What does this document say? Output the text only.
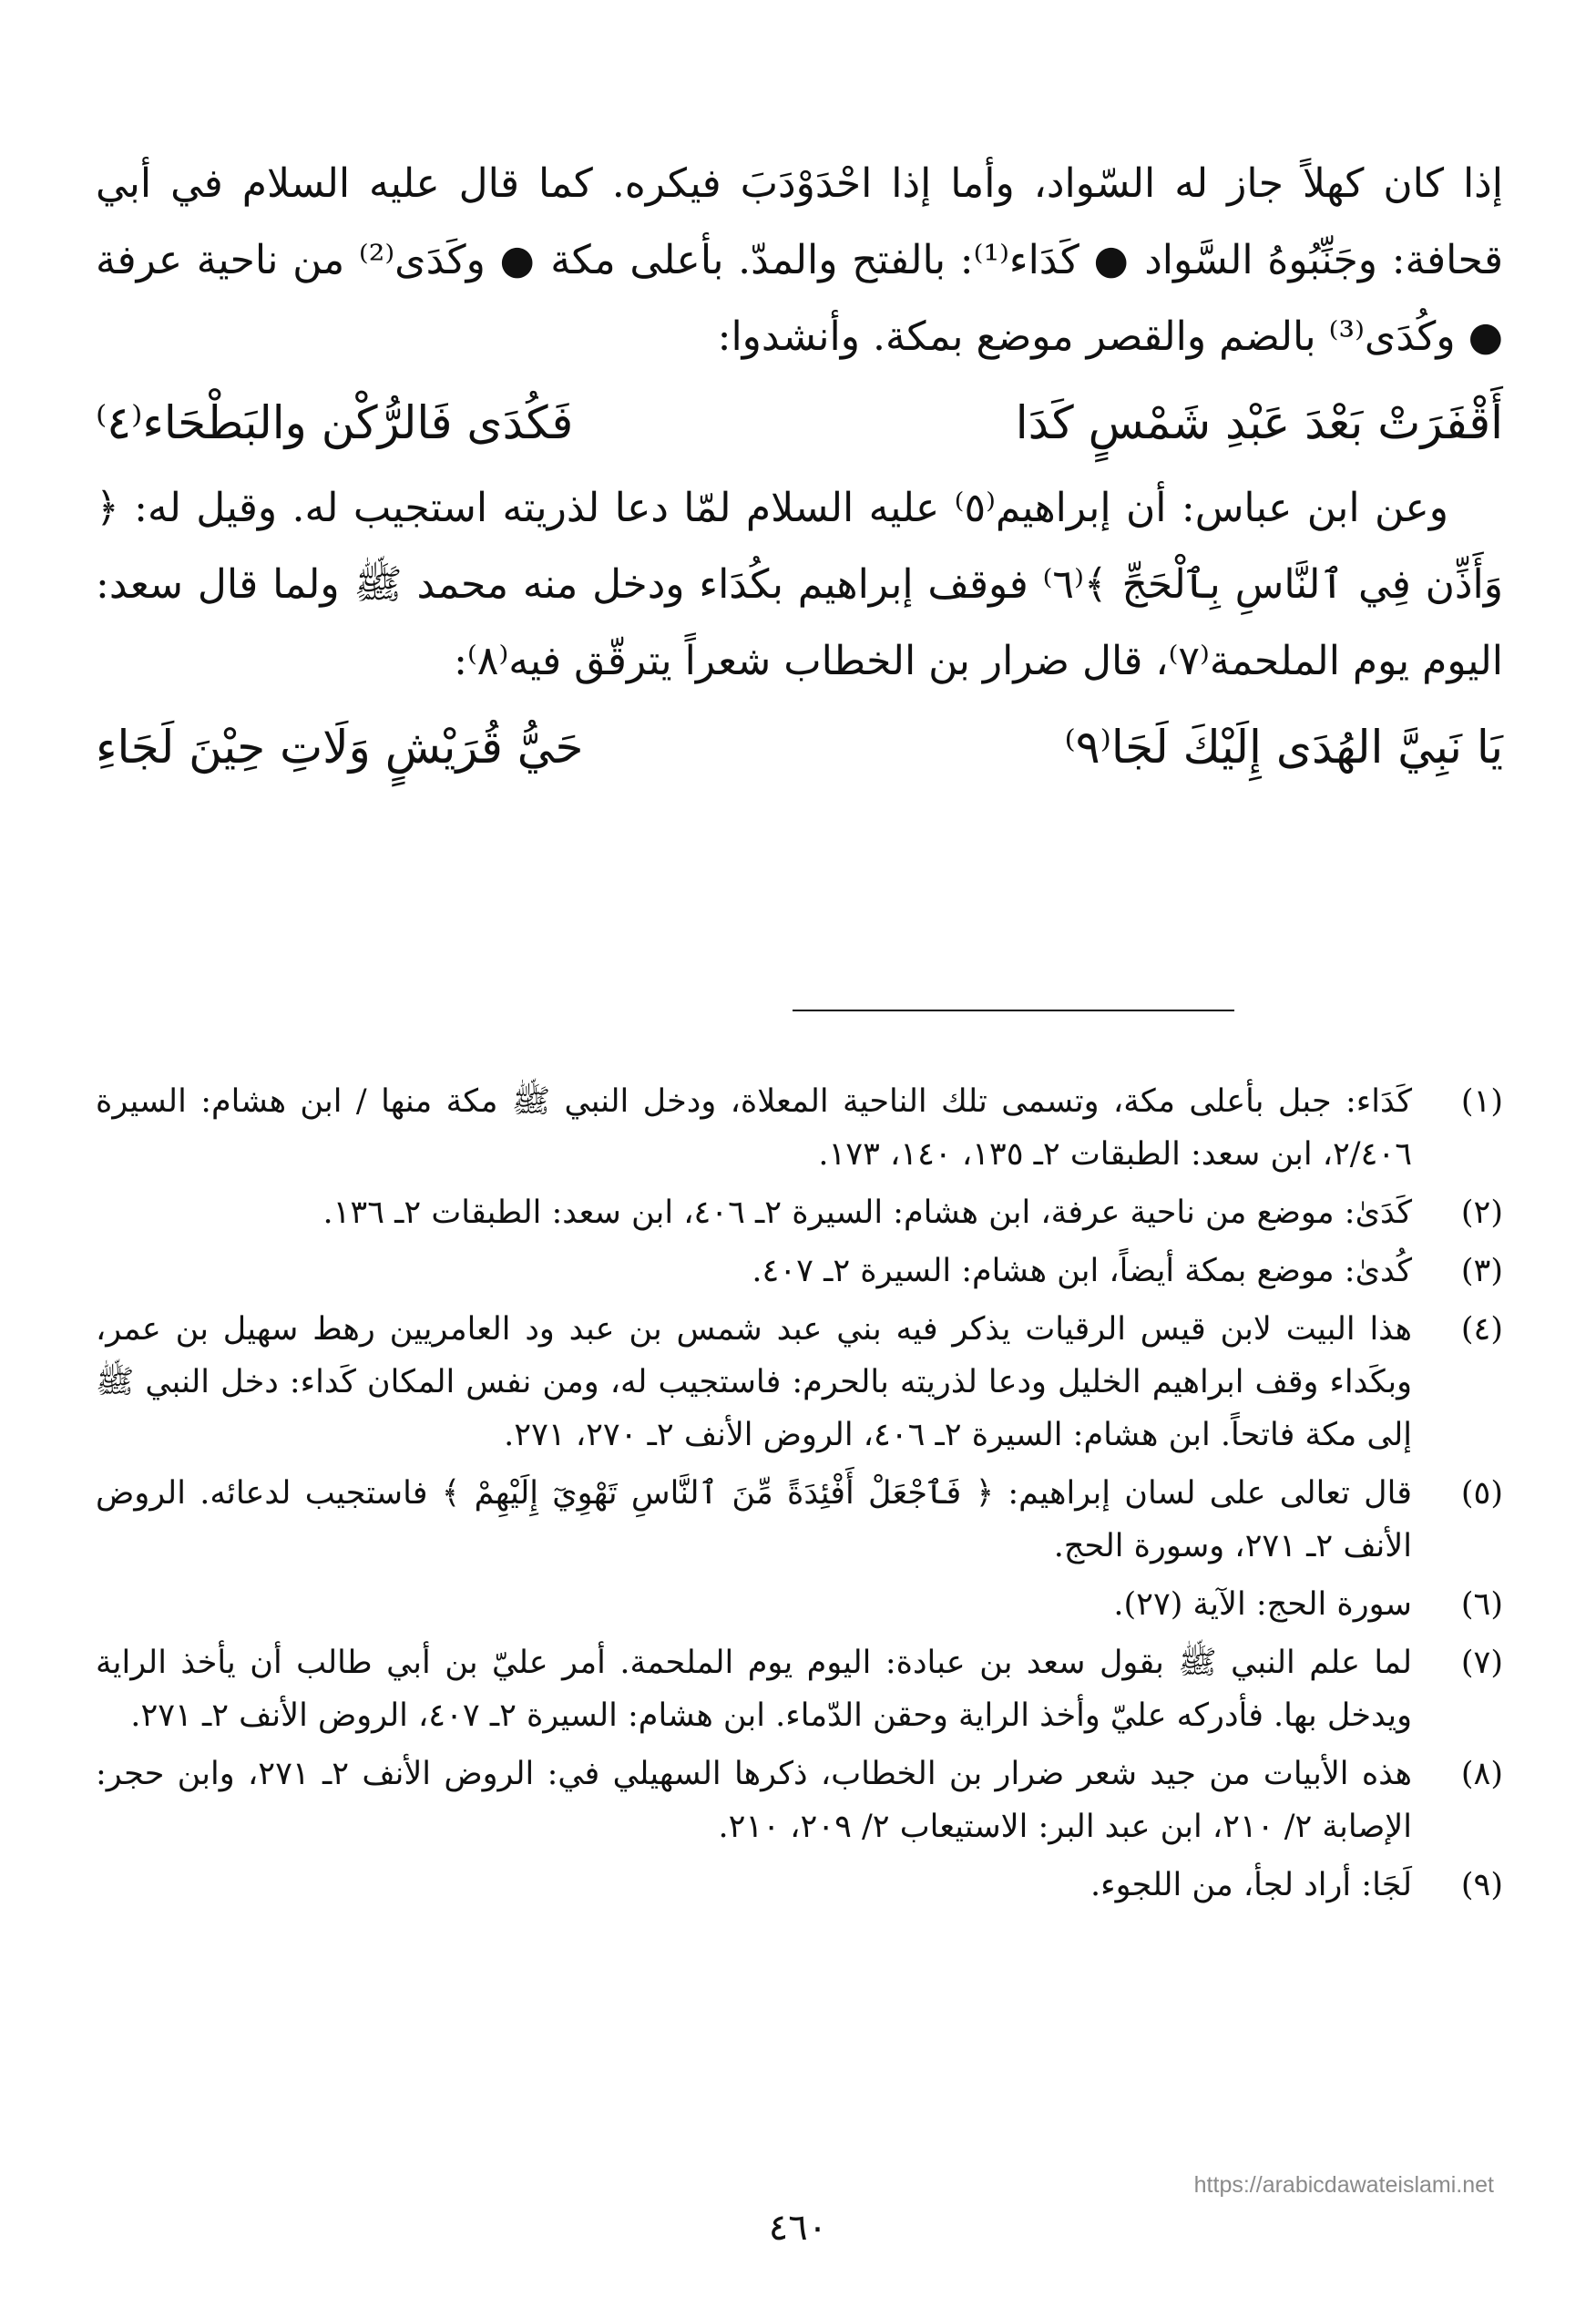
إذا كان كهلاً جاز له السّواد، وأما إذا احْدَوْدَبَ فيكره. كما قال عليه السلام في أبي قحافة: وجَنِّبُوهُ السَّواد ● كَدَاء⁽¹⁾: بالفتح والمدّ. بأعلى مكة ● وكَدَى⁽²⁾ من ناحية عرفة ● وكُدَى⁽³⁾ بالضم والقصر موضع بمكة. وأنشدوا:

أَقْفَرَتْ بَعْدَ عَبْدِ شَمْسٍ كَدَا
فَكُدَى فَالرُّكْن والبَطْحَاء⁽٤⁾

وعن ابن عباس: أن إبراهيم⁽٥⁾ عليه السلام لمّا دعا لذريته استجيب له. وقيل له: ﴿ وَأَذِّن فِي ٱلنَّاسِ بِٱلْحَجِّ ﴾⁽٦⁾ فوقف إبراهيم بكُدَاء ودخل منه محمد ﷺ ولما قال سعد: اليوم يوم الملحمة⁽٧⁾، قال ضرار بن الخطاب شعراً يترقّق فيه⁽٨⁾:

يَا نَبِيَّ الهُدَى إِلَيْكَ لَجَا⁽٩⁾
حَيُّ قُرَيْشٍ وَلَاتِ حِيْنَ لَجَاءِ
(١)
كَدَاء: جبل بأعلى مكة، وتسمى تلك الناحية المعلاة، ودخل النبي ﷺ مكة منها / ابن هشام: السيرة ٢/٤٠٦، ابن سعد: الطبقات ٢ـ ١٣٥، ١٤٠، ١٧٣.
(٢)
كَدَىٰ: موضع من ناحية عرفة، ابن هشام: السيرة ٢ـ ٤٠٦، ابن سعد: الطبقات ٢ـ ١٣٦.
(٣)
كُدىٰ: موضع بمكة أيضاً، ابن هشام: السيرة ٢ـ ٤٠٧.
(٤)
هذا البيت لابن قيس الرقيات يذكر فيه بني عبد شمس بن عبد ود العامريين رهط سهيل بن عمر، وبكَداء وقف ابراهيم الخليل ودعا لذريته بالحرم: فاستجيب له، ومن نفس المكان كَداء: دخل النبي ﷺ إلى مكة فاتحاً. ابن هشام: السيرة ٢ـ ٤٠٦، الروض الأنف ٢ـ ٢٧٠، ٢٧١.
(٥)
قال تعالى على لسان إبراهيم: ﴿ فَٱجْعَلْ أَفْئِدَةً مِّنَ ٱلنَّاسِ تَهْوِيٓ إِلَيْهِمْ ﴾ فاستجيب لدعائه. الروض الأنف ٢ـ ٢٧١، وسورة الحج.
(٦)
سورة الحج: الآية (٢٧).
(٧)
لما علم النبي ﷺ بقول سعد بن عبادة: اليوم يوم الملحمة. أمر عليّ بن أبي طالب أن يأخذ الراية ويدخل بها. فأدركه عليّ وأخذ الراية وحقن الدّماء. ابن هشام: السيرة ٢ـ ٤٠٧، الروض الأنف ٢ـ ٢٧١.
(٨)
هذه الأبيات من جيد شعر ضرار بن الخطاب، ذكرها السهيلي في: الروض الأنف ٢ـ ٢٧١، وابن حجر: الإصابة ٢/ ٢١٠، ابن عبد البر: الاستيعاب ٢/ ٢٠٩، ٢١٠.
(٩)
لَجَا: أراد لجأ، من اللجوء.
https://arabicdawateislami.net
٤٦٠
